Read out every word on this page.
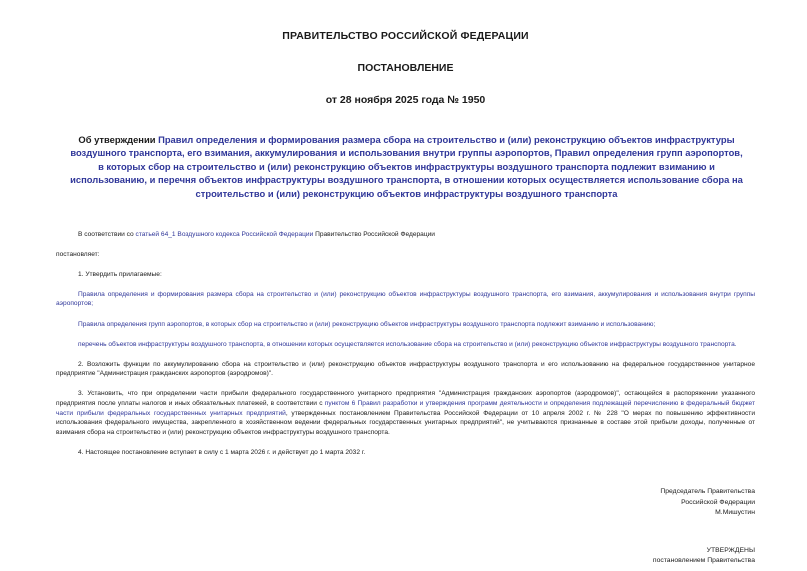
ПРАВИТЕЛЬСТВО РОССИЙСКОЙ ФЕДЕРАЦИИ
ПОСТАНОВЛЕНИЕ
от 28 ноября 2025 года № 1950
Об утверждении Правил определения и формирования размера сбора на строительство и (или) реконструкцию объектов инфраструктуры воздушного транспорта, его взимания, аккумулирования и использования внутри группы аэропортов, Правил определения групп аэропортов, в которых сбор на строительство и (или) реконструкцию объектов инфраструктуры воздушного транспорта подлежит взиманию и использованию, и перечня объектов инфраструктуры воздушного транспорта, в отношении которых осуществляется использование сбора на строительство и (или) реконструкцию объектов инфраструктуры воздушного транспорта

В соответствии со статьей 64_1 Воздушного кодекса Российской Федерации Правительство Российской Федерации

постановляет:

1. Утвердить прилагаемые:

Правила определения и формирования размера сбора на строительство и (или) реконструкцию объектов инфраструктуры воздушного транспорта, его взимания, аккумулирования и использования внутри группы аэропортов;

Правила определения групп аэропортов, в которых сбор на строительство и (или) реконструкцию объектов инфраструктуры воздушного транспорта подлежит взиманию и использованию;

перечень объектов инфраструктуры воздушного транспорта, в отношении которых осуществляется использование сбора на строительство и (или) реконструкцию объектов инфраструктуры воздушного транспорта.

2. Возложить функции по аккумулированию сбора на строительство и (или) реконструкцию объектов инфраструктуры воздушного транспорта и его использованию на федеральное государственное унитарное предприятие "Администрация гражданских аэропортов (аэродромов)".

3. Установить, что при определении части прибыли федерального государственного унитарного предприятия "Администрация гражданских аэропортов (аэродромов)", остающейся в распоряжении указанного предприятия после уплаты налогов и иных обязательных платежей, в соответствии с пунктом 6 Правил разработки и утверждения программ деятельности и определения подлежащей перечислению в федеральный бюджет части прибыли федеральных государственных унитарных предприятий, утвержденных постановлением Правительства Российской Федерации от 10 апреля 2002 г. № 228 "О мерах по повышению эффективности использования федерального имущества, закрепленного в хозяйственном ведении федеральных государственных унитарных предприятий", не учитываются признанные в составе этой прибыли доходы, полученные от взимания сбора на строительство и (или) реконструкцию объектов инфраструктуры воздушного транспорта.

4. Настоящее постановление вступает в силу с 1 марта 2026 г. и действует до 1 марта 2032 г.

Председатель Правительства
Российской Федерации
М.Мишустин
УТВЕРЖДЕНЫ
постановлением Правительства
